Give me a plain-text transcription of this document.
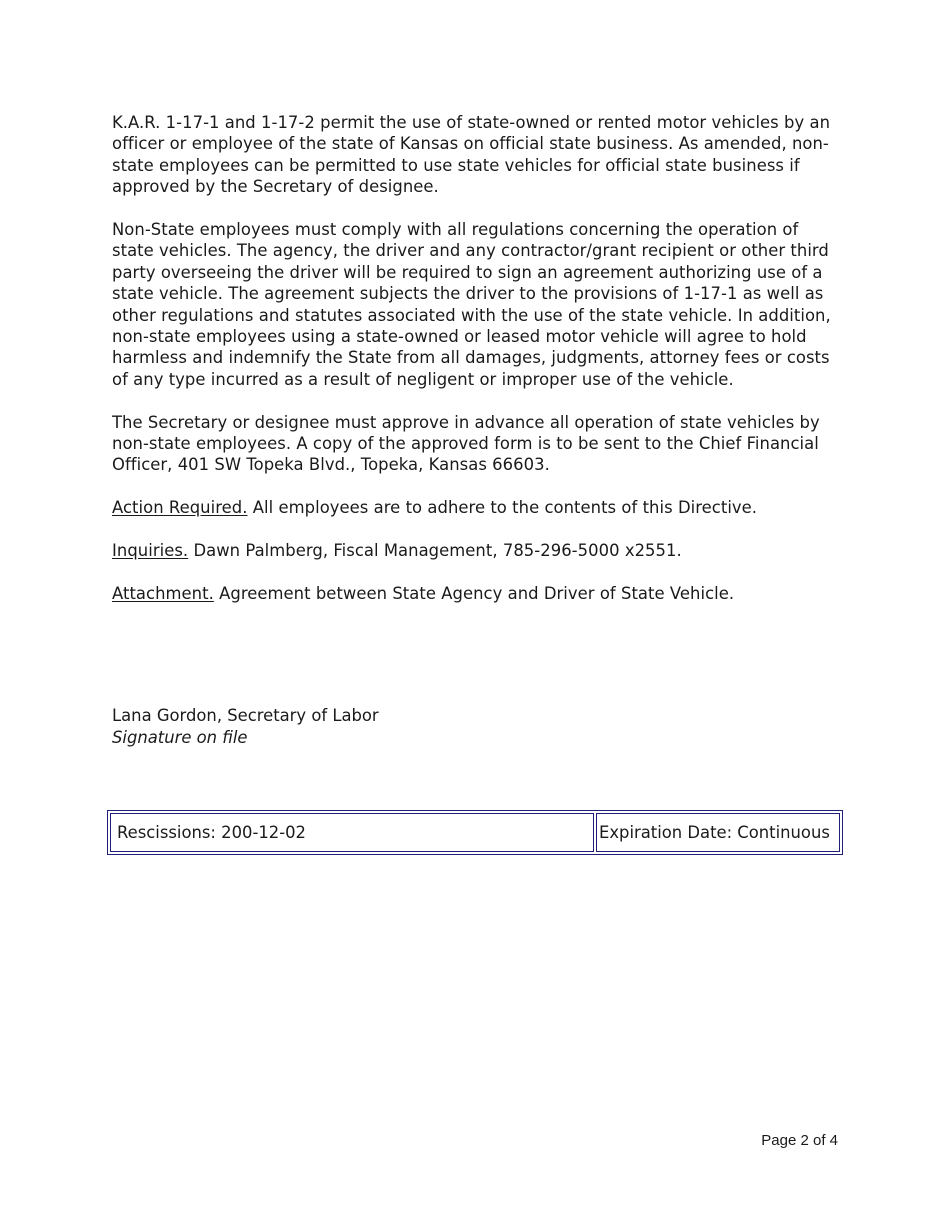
K.A.R. 1-17-1 and 1-17-2 permit the use of state-owned or rented motor vehicles by an officer or employee of the state of Kansas on official state business. As amended, non-state employees can be permitted to use state vehicles for official state business if approved by the Secretary of designee.

Non-State employees must comply with all regulations concerning the operation of state vehicles. The agency, the driver and any contractor/grant recipient or other third party overseeing the driver will be required to sign an agreement authorizing use of a state vehicle. The agreement subjects the driver to the provisions of 1-17-1 as well as other regulations and statutes associated with the use of the state vehicle. In addition, non-state employees using a state-owned or leased motor vehicle will agree to hold harmless and indemnify the State from all damages, judgments, attorney fees or costs of any type incurred as a result of negligent or improper use of the vehicle.

The Secretary or designee must approve in advance all operation of state vehicles by non-state employees. A copy of the approved form is to be sent to the Chief Financial Officer, 401 SW Topeka Blvd., Topeka, Kansas 66603.

Action Required. All employees are to adhere to the contents of this Directive.

Inquiries. Dawn Palmberg, Fiscal Management, 785-296-5000 x2551.

Attachment. Agreement between State Agency and Driver of State Vehicle.

Lana Gordon, Secretary of Labor
Signature on file
Rescissions: 200-12-02	Expiration Date: Continuous
Page 2 of 4
